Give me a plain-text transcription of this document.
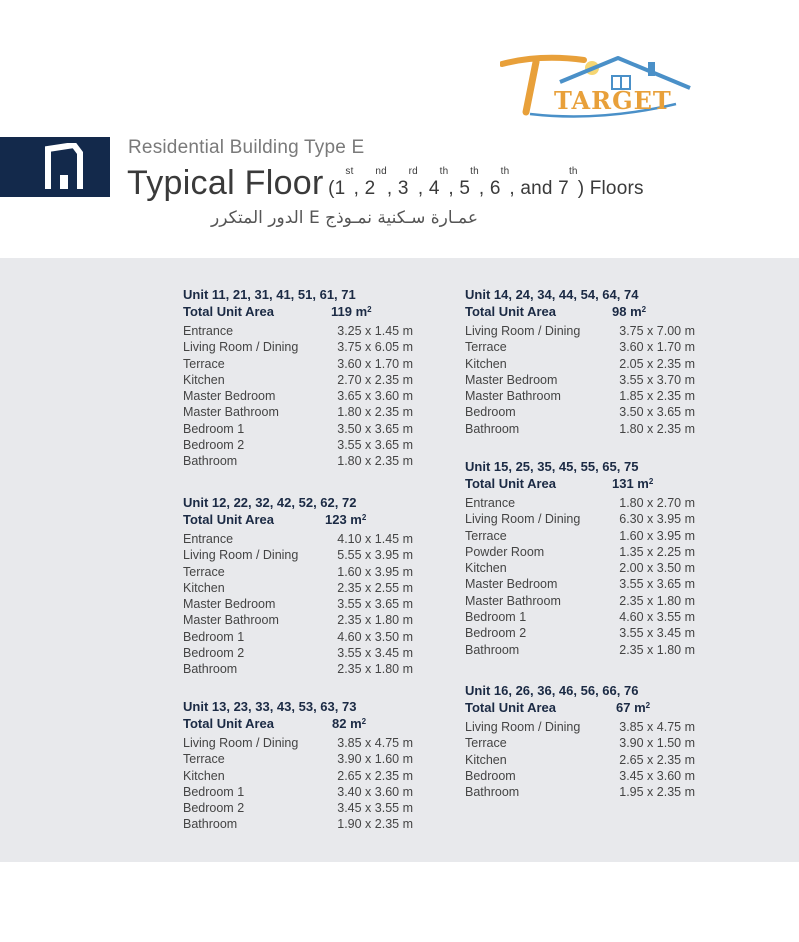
TARGET
Residential Building Type E
Typical Floor (1st, 2nd, 3rd, 4th, 5th, 6th, and 7th) Floors
عمـارة سـكنية نمـوذج E الدور المتكرر
Unit 11, 21, 31, 41, 51, 61, 71
Total Unit Area	119 $m^2$
Entrance	3.25 x 1.45 m
Living Room / Dining	3.75 x 6.05 m
Terrace	3.60 x 1.70 m
Kitchen	2.70 x 2.35 m
Master Bedroom	3.65 x 3.60 m
Master Bathroom	1.80 x 2.35 m
Bedroom 1	3.50 x 3.65 m
Bedroom 2	3.55 x 3.65 m
Bathroom	1.80 x 2.35 m
Unit 12, 22, 32, 42, 52, 62, 72
Total Unit Area	123 $m^2$
Entrance	4.10 x 1.45 m
Living Room / Dining	5.55 x 3.95 m
Terrace	1.60 x 3.95 m
Kitchen	2.35 x 2.55 m
Master Bedroom	3.55 x 3.65 m
Master Bathroom	2.35 x 1.80 m
Bedroom 1	4.60 x 3.50 m
Bedroom 2	3.55 x 3.45 m
Bathroom	2.35 x 1.80 m
Unit 13, 23, 33, 43, 53, 63, 73
Total Unit Area	82 $m^2$
Living Room / Dining	3.85 x 4.75 m
Terrace	3.90 x 1.60 m
Kitchen	2.65 x 2.35 m
Bedroom 1	3.40 x 3.60 m
Bedroom 2	3.45 x 3.55 m
Bathroom	1.90 x 2.35 m
Unit 14, 24, 34, 44, 54, 64, 74
Total Unit Area	98 $m^2$
Living Room / Dining	3.75 x 7.00 m
Terrace	3.60 x 1.70 m
Kitchen	2.05 x 2.35 m
Master Bedroom	3.55 x 3.70 m
Master Bathroom	1.85 x 2.35 m
Bedroom	3.50 x 3.65 m
Bathroom	1.80 x 2.35 m
Unit 15, 25, 35, 45, 55, 65, 75
Total Unit Area	131 $m^2$
Entrance	1.80 x 2.70 m
Living Room / Dining	6.30 x 3.95 m
Terrace	1.60 x 3.95 m
Powder Room	1.35 x 2.25 m
Kitchen	2.00 x 3.50 m
Master Bedroom	3.55 x 3.65 m
Master Bathroom	2.35 x 1.80 m
Bedroom 1	4.60 x 3.55 m
Bedroom 2	3.55 x 3.45 m
Bathroom	2.35 x 1.80 m
Unit 16, 26, 36, 46, 56, 66, 76
Total Unit Area	67 $m^2$
Living Room / Dining	3.85 x 4.75 m
Terrace	3.90 x 1.50 m
Kitchen	2.65 x 2.35 m
Bedroom	3.45 x 3.60 m
Bathroom	1.95 x 2.35 m
